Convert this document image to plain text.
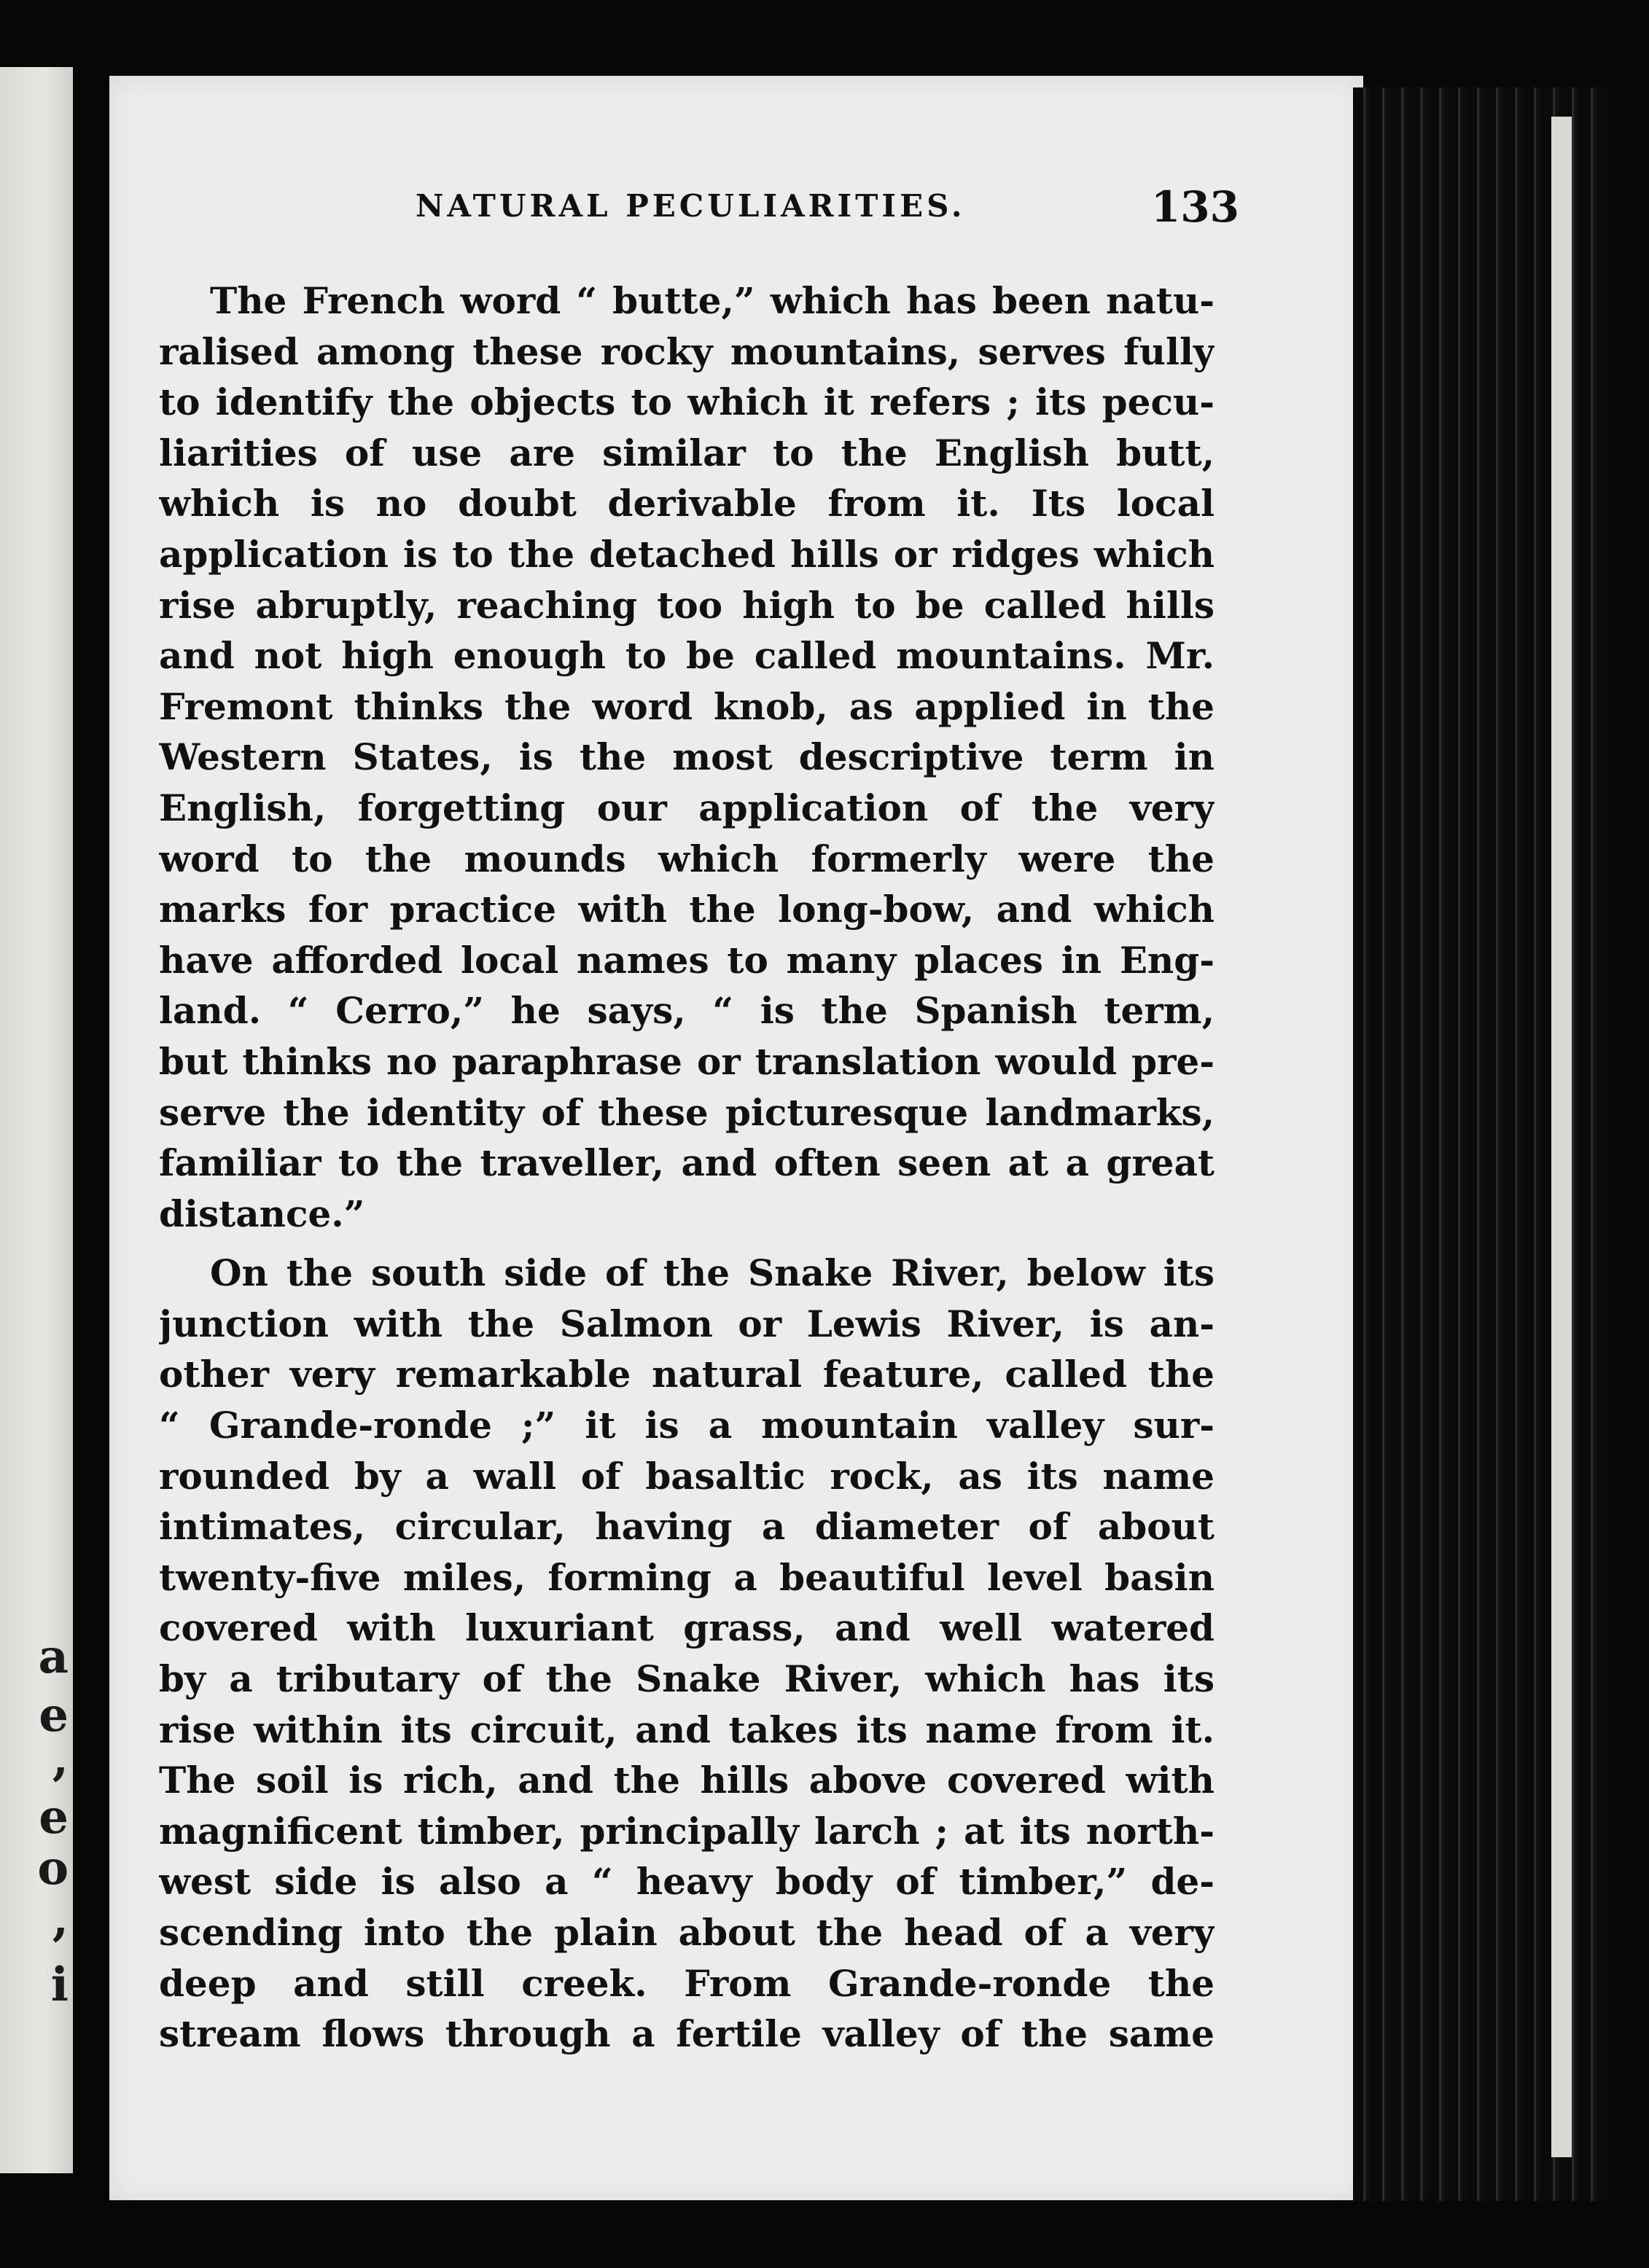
a
e
,
e
o
,
i
NATURAL PECULIARITIES.	133
The French word “ butte,” which has been natu-
ralised among these rocky mountains, serves fully
to identify the objects to which it refers ; its pecu-
liarities of use are similar to the English butt,
which is no doubt derivable from it. Its local
application is to the detached hills or ridges which
rise abruptly, reaching too high to be called hills
and not high enough to be called mountains. Mr.
Fremont thinks the word knob, as applied in the
Western States, is the most descriptive term in
English, forgetting our application of the very
word to the mounds which formerly were the
marks for practice with the long-bow, and which
have afforded local names to many places in Eng-
land. “ Cerro,” he says, “ is the Spanish term,
but thinks no paraphrase or translation would pre-
serve the identity of these picturesque landmarks,
familiar to the traveller, and often seen at a great
distance.”
On the south side of the Snake River, below its
junction with the Salmon or Lewis River, is an-
other very remarkable natural feature, called the
“ Grande-ronde ;” it is a mountain valley sur-
rounded by a wall of basaltic rock, as its name
intimates, circular, having a diameter of about
twenty-five miles, forming a beautiful level basin
covered with luxuriant grass, and well watered
by a tributary of the Snake River, which has its
rise within its circuit, and takes its name from it.
The soil is rich, and the hills above covered with
magnificent timber, principally larch ; at its north-
west side is also a “ heavy body of timber,” de-
scending into the plain about the head of a very
deep and still creek. From Grande-ronde the
stream flows through a fertile valley of the same
